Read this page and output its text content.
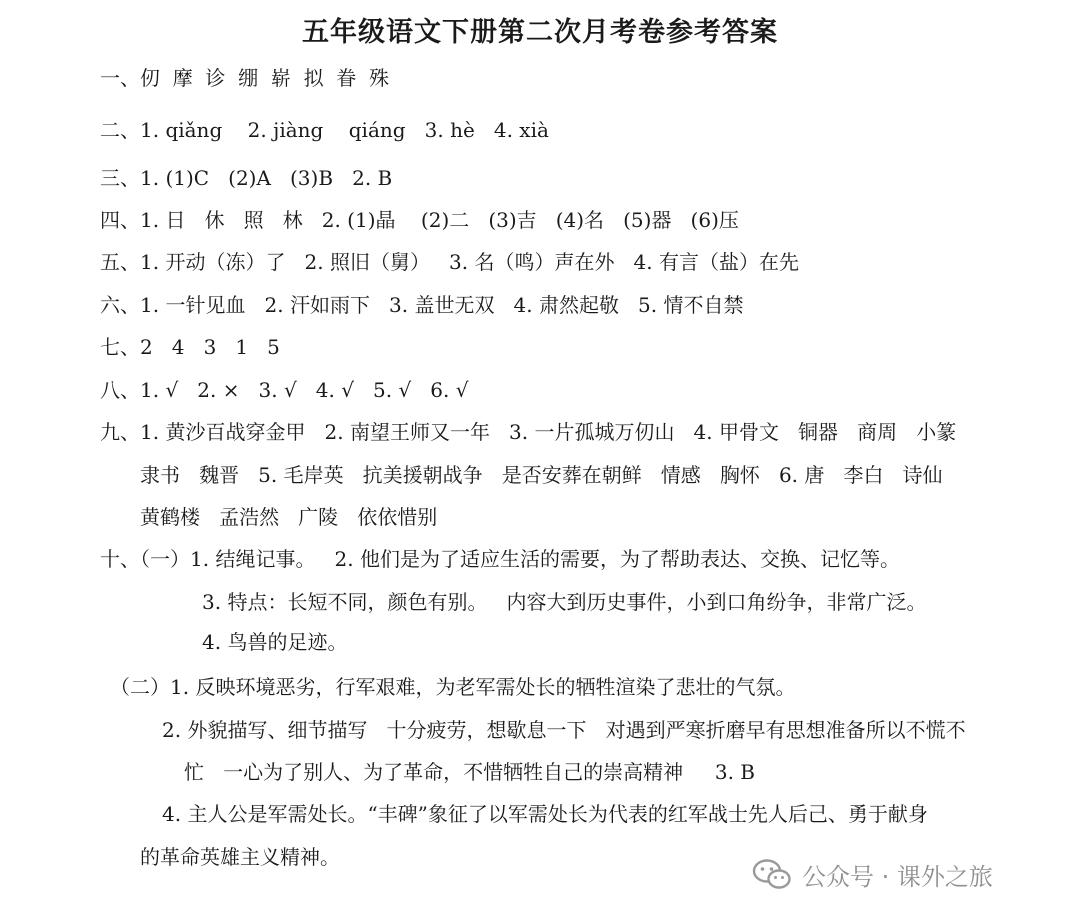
五年级语文下册第二次月考卷参考答案
一、仞  摩  诊  绷  崭  拟  眷  殊
二、1. qiǎng    2. jiàng    qiáng   3. hè   4. xià
三、1. (1)C   (2)A   (3)B   2. B
四、1. 日   休   照   林   2. (1)晶    (2)二   (3)吉   (4)名   (5)器   (6)压
五、1. 开动（冻）了   2. 照旧（舅）   3. 名（鸣）声在外   4. 有言（盐）在先
六、1. 一针见血   2. 汗如雨下   3. 盖世无双   4. 肃然起敬   5. 情不自禁
七、2   4   3   1   5
八、1. √   2. ×   3. √   4. √   5. √   6. √
九、1. 黄沙百战穿金甲   2. 南望王师又一年   3. 一片孤城万仞山   4. 甲骨文   铜器   商周   小篆
隶书   魏晋   5. 毛岸英   抗美援朝战争   是否安葬在朝鲜   情感   胸怀   6. 唐   李白   诗仙
黄鹤楼   孟浩然   广陵   依依惜别
十、（一）1. 结绳记事。   2. 他们是为了适应生活的需要，为了帮助表达、交换、记忆等。
3. 特点：长短不同，颜色有别。   内容大到历史事件，小到口角纷争，非常广泛。
4. 鸟兽的足迹。
（二）1. 反映环境恶劣，行军艰难，为老军需处长的牺牲渲染了悲壮的气氛。
2. 外貌描写、细节描写   十分疲劳，想歇息一下   对遇到严寒折磨早有思想准备所以不慌不
忙   一心为了别人、为了革命，不惜牺牲自己的崇高精神     3. B
4. 主人公是军需处长。“丰碑”象征了以军需处长为代表的红军战士先人后己、勇于献身
的革命英雄主义精神。
公众号 · 课外之旅
